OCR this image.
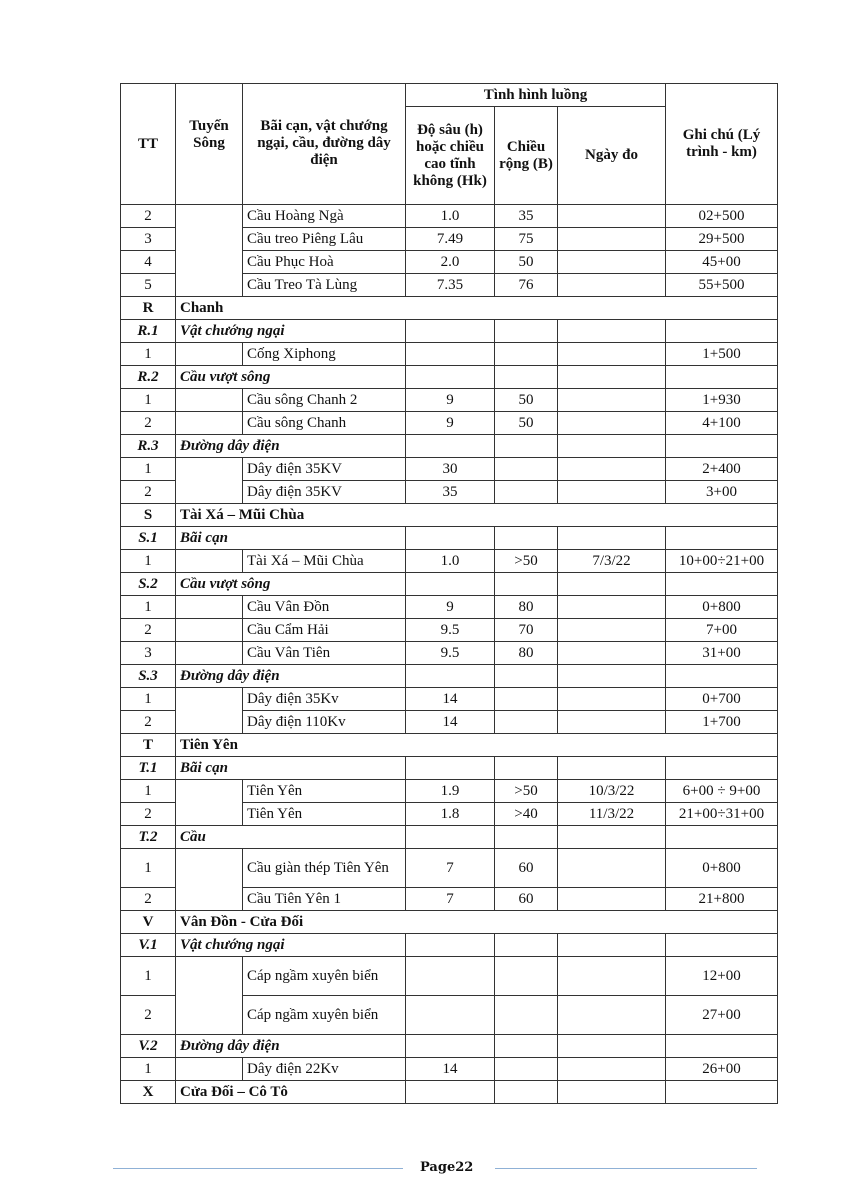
TT	Tuyến Sông	Bãi cạn, vật chướng ngại, cầu, đường dây điện	Tình hình luồng			Ghi chú (Lý trình - km)
			Độ sâu (h) hoặc chiều cao tĩnh không (Hk)	Chiều rộng (B)	Ngày đo	
2		Cầu Hoàng Ngà	1.0	35		02+500
3		Cầu treo Piêng Lâu	7.49	75		29+500
4		Cầu Phục Hoà	2.0	50		45+00
5		Cầu Treo Tà Lùng	7.35	76		55+500
R	Chanh					
R.1	Vật chướng ngại					
1		Cống Xiphong				1+500
R.2	Cầu vượt sông					
1		Cầu sông Chanh 2	9	50		1+930
2		Cầu sông Chanh	9	50		4+100
R.3	Đường dây điện					
1		Dây điện 35KV	30			2+400
2		Dây điện 35KV	35			3+00
S	Tài Xá – Mũi Chùa					
S.1	Bãi cạn					
1		Tài Xá – Mũi Chùa	1.0	>50	7/3/22	10+00÷21+00
S.2	Cầu vượt sông					
1		Cầu Vân Đồn	9	80		0+800
2		Cầu Cẩm Hải	9.5	70		7+00
3		Cầu Vân Tiên	9.5	80		31+00
S.3	Đường dây điện					
1		Dây điện 35Kv	14			0+700
2		Dây điện 110Kv	14			1+700
T	Tiên Yên					
T.1	Bãi cạn					
1		Tiên Yên	1.9	>50	10/3/22	6+00 ÷ 9+00
2		Tiên Yên	1.8	>40	11/3/22	21+00÷31+00
T.2	Cầu					
1		Cầu giàn thép Tiên Yên	7	60		0+800
2		Cầu Tiên Yên 1	7	60		21+800
V	Vân Đồn - Cửa Đối					
V.1	Vật chướng ngại					
1		Cáp ngầm xuyên biển				12+00
2		Cáp ngầm xuyên biển				27+00
V.2	Đường dây điện					
1		Dây điện 22Kv	14			26+00
X	Cửa Đối – Cô Tô					
Page22
